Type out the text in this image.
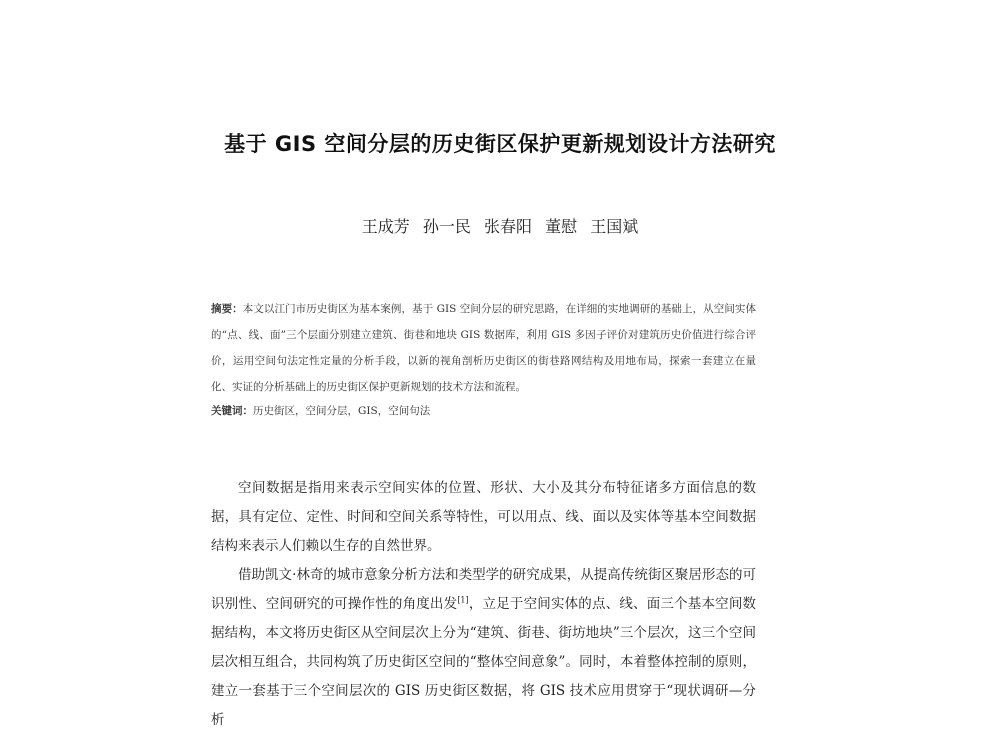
基于 GIS 空间分层的历史街区保护更新规划设计方法研究
王成芳 孙一民 张春阳 董慰 王国斌
摘要：本文以江门市历史街区为基本案例，基于 GIS 空间分层的研究思路，在详细的实地调研的基础上，从空间实体的“点、线、面”三个层面分别建立建筑、街巷和地块 GIS 数据库，利用 GIS 多因子评价对建筑历史价值进行综合评价，运用空间句法定性定量的分析手段，以新的视角剖析历史街区的街巷路网结构及用地布局，探索一套建立在量化、实证的分析基础上的历史街区保护更新规划的技术方法和流程。
关键词：历史街区，空间分层，GIS，空间句法

空间数据是指用来表示空间实体的位置、形状、大小及其分布特征诸多方面信息的数据，具有定位、定性、时间和空间关系等特性，可以用点、线、面以及实体等基本空间数据结构来表示人们赖以生存的自然世界。

借助凯文·林奇的城市意象分析方法和类型学的研究成果，从提高传统街区聚居形态的可识别性、空间研究的可操作性的角度出发[1]，立足于空间实体的点、线、面三个基本空间数据结构，本文将历史街区从空间层次上分为“建筑、街巷、街坊地块”三个层次，这三个空间层次相互组合，共同构筑了历史街区空间的“整体空间意象”。同时，本着整体控制的原则，建立一套基于三个空间层次的 GIS 历史街区数据，将 GIS 技术应用贯穿于“现状调研—分析
